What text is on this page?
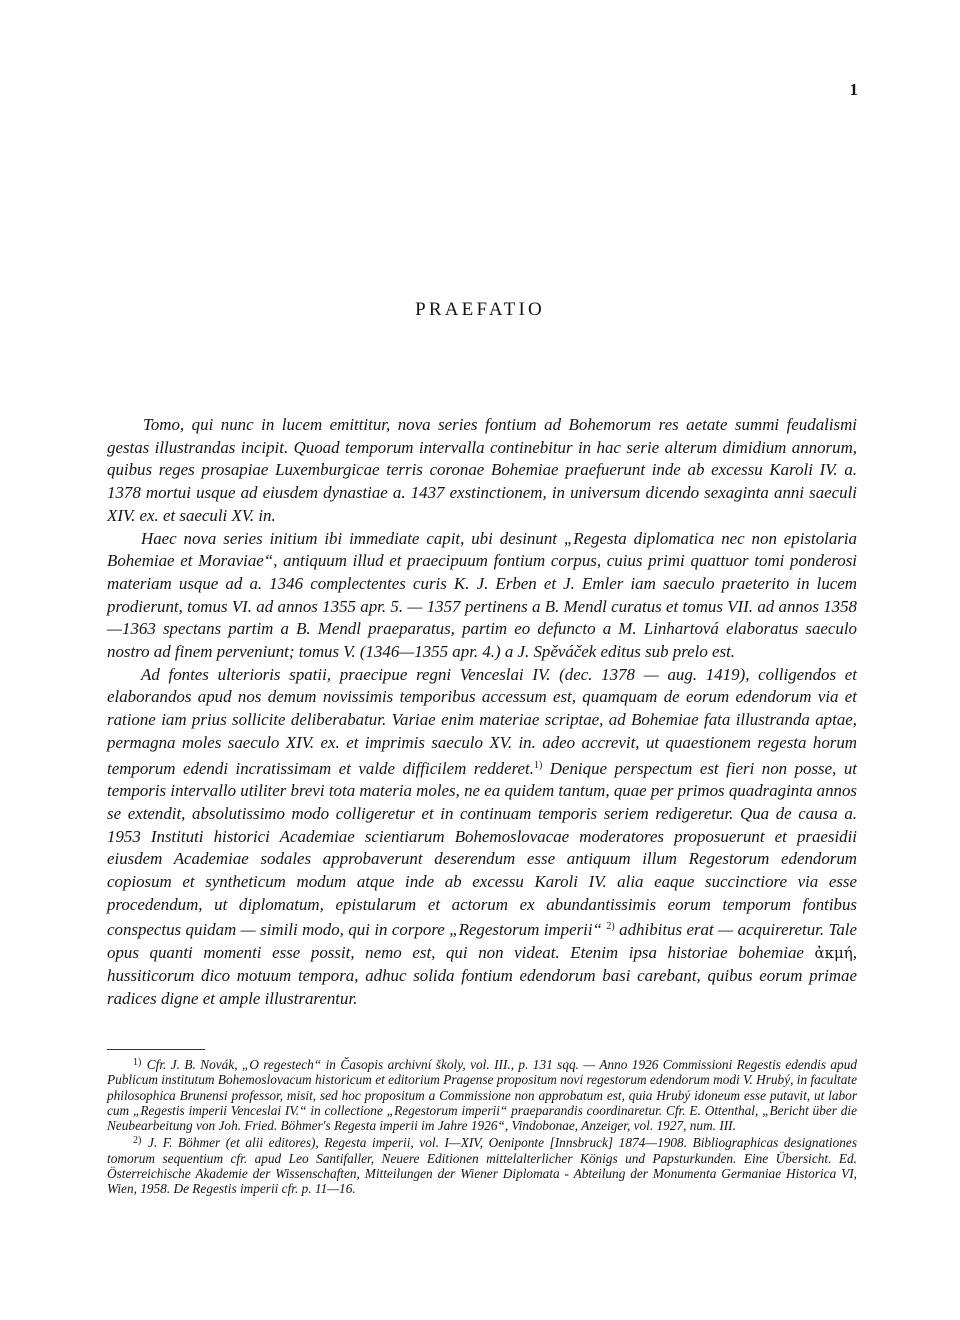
1
PRAEFATIO

Tomo, qui nunc in lucem emittitur, nova series fontium ad Bohemorum res aetate summi feudalismi gestas illustrandas incipit. Quoad temporum intervalla continebitur in hac serie alterum dimidium annorum, quibus reges prosapiae Luxemburgicae terris coronae Bohemiae praefuerunt inde ab excessu Karoli IV. a. 1378 mortui usque ad eiusdem dynastiae a. 1437 exstinctionem, in universum dicendo sexaginta anni saeculi XIV. ex. et saeculi XV. in.

Haec nova series initium ibi immediate capit, ubi desinunt „Regesta diplomatica nec non epistolaria Bohemiae et Moraviae“, antiquum illud et praecipuum fontium corpus, cuius primi quattuor tomi ponderosi materiam usque ad a. 1346 complectentes curis K. J. Erben et J. Emler iam saeculo praeterito in lucem prodierunt, tomus VI. ad annos 1355 apr. 5. — 1357 pertinens a B. Mendl curatus et tomus VII. ad annos 1358—1363 spectans partim a B. Mendl praeparatus, partim eo defuncto a M. Linhartová elaboratus saeculo nostro ad finem perveniunt; tomus V. (1346—1355 apr. 4.) a J. Spěváček editus sub prelo est.

Ad fontes ulterioris spatii, praecipue regni Venceslai IV. (dec. 1378 — aug. 1419), colligendos et elaborandos apud nos demum novissimis temporibus accessum est, quamquam de eorum edendorum via et ratione iam prius sollicite deliberabatur. Variae enim materiae scriptae, ad Bohemiae fata illustranda aptae, permagna moles saeculo XIV. ex. et imprimis saeculo XV. in. adeo accrevit, ut quaestionem regesta horum temporum edendi incratissimam et valde difficilem redderet.$^{1)}$ Denique perspectum est fieri non posse, ut temporis intervallo utiliter brevi tota materia moles, ne ea quidem tantum, quae per primos quadraginta annos se extendit, absolutissimo modo colligeretur et in continuam temporis seriem redigeretur. Qua de causa a. 1953 Instituti historici Academiae scientiarum Bohemoslovacae moderatores proposuerunt et praesidii eiusdem Academiae sodales approbaverunt deserendum esse antiquum illum Regestorum edendorum copiosum et syntheticum modum atque inde ab excessu Karoli IV. alia eaque succinctiore via esse procedendum, ut diplomatum, epistularum et actorum ex abundantissimis eorum temporum fontibus conspectus quidam — simili modo, qui in corpore „Regestorum imperii“ $^{2)}$ adhibitus erat — acquireretur. Tale opus quanti momenti esse possit, nemo est, qui non videat. Etenim ipsa historiae bohemiae ἀκμή, hussiticorum dico motuum tempora, adhuc solida fontium edendorum basi carebant, quibus eorum primae radices digne et ample illustrarentur.

$^{1)}$ Cfr. J. B. Novák, „O regestech“ in Časopis archivní školy, vol. III., p. 131 sqq. — Anno 1926 Commissioni Regestis edendis apud Publicum institutum Bohemoslovacum historicum et editorium Pragense propositum novi regestorum edendorum modi V. Hrubý, in facultate philosophica Brunensi professor, misit, sed hoc propositum a Commissione non approbatum est, quia Hrubý idoneum esse putavit, ut labor cum „Regestis imperii Venceslai IV.“ in collectione „Regestorum imperii“ praeparandis coordinaretur. Cfr. E. Ottenthal, „Bericht über die Neubearbeitung von Joh. Fried. Böhmer's Regesta imperii im Jahre 1926“, Vindobonae, Anzeiger, vol. 1927, num. III.

$^{2)}$ J. F. Böhmer (et alii editores), Regesta imperii, vol. I—XIV, Oeniponte [Innsbruck] 1874—1908. Bibliographicas designationes tomorum sequentium cfr. apud Leo Santifaller, Neuere Editionen mittelalterlicher Königs und Papsturkunden. Eine Übersicht. Ed. Österreichische Akademie der Wissenschaften, Mitteilungen der Wiener Diplomata - Abteilung der Monumenta Germaniae Historica VI, Wien, 1958. De Regestis imperii cfr. p. 11—16.
